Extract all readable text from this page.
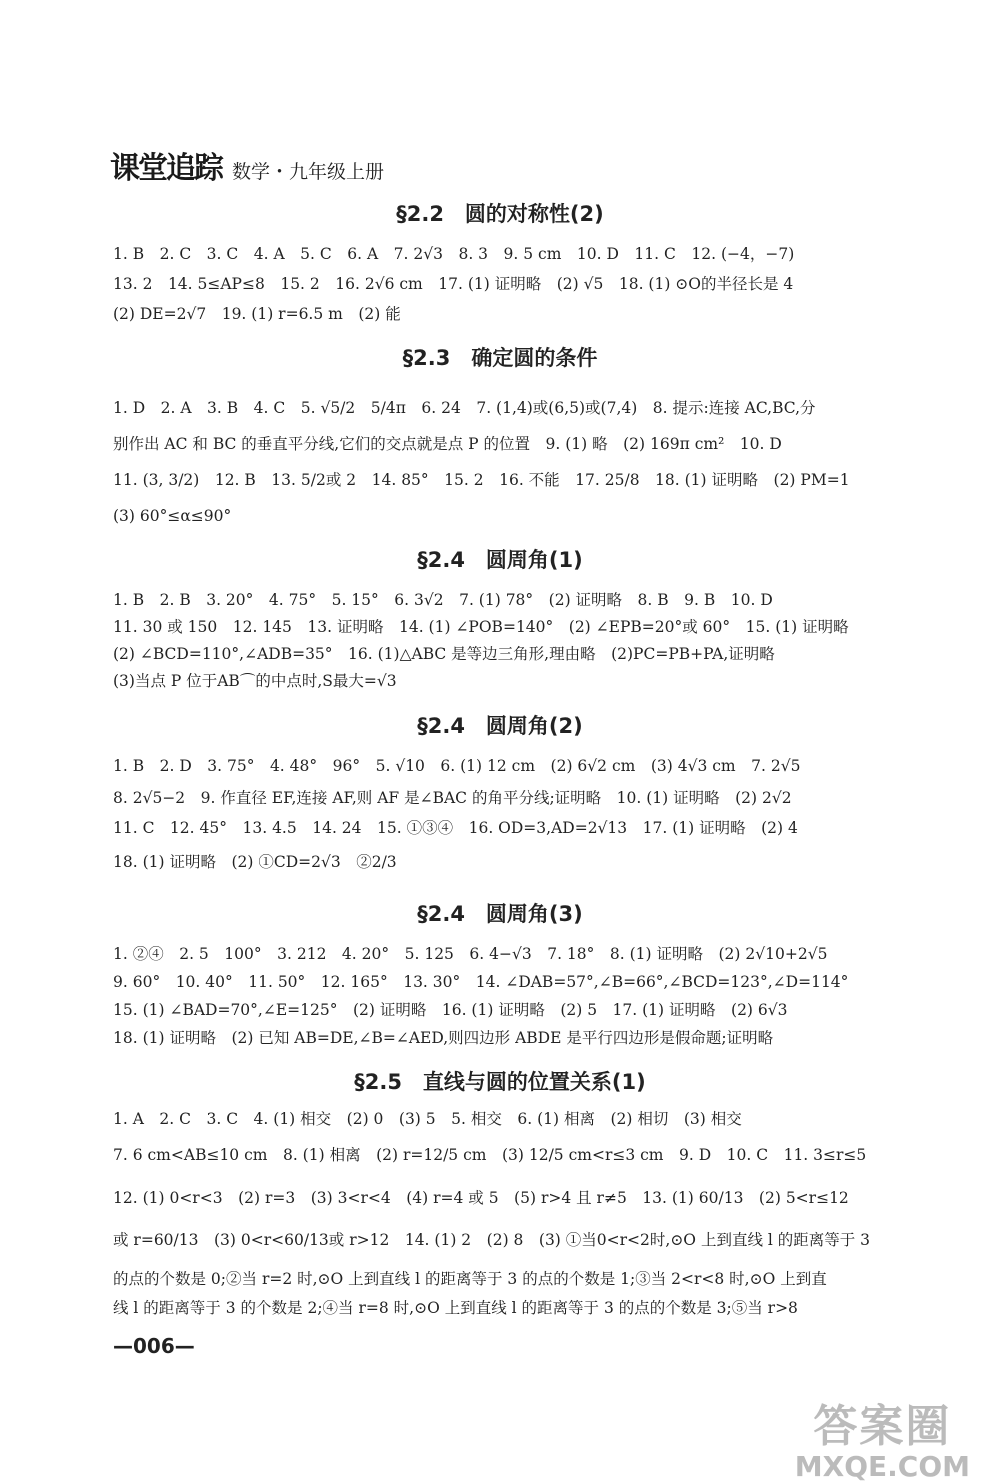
课堂追踪 数学・九年级上册
§2.2　圆的对称性(2)
1. B　2. C　3. C　4. A　5. C　6. A　7. 2√3　8. 3　9. 5 cm　10. D　11. C　12. (−4，−7)
13. 2　14. 5≤AP≤8　15. 2　16. 2√6 cm　17. (1) 证明略　(2) √5　18. (1) ⊙O的半径长是 4
(2) DE=2√7　19. (1) r=6.5 m　(2) 能
§2.3　确定圆的条件
1. D　2. A　3. B　4. C　5. √5/2　5/4π　6. 24　7. (1,4)或(6,5)或(7,4)　8. 提示:连接 AC,BC,分
别作出 AC 和 BC 的垂直平分线,它们的交点就是点 P 的位置　9. (1) 略　(2) 169π cm²　10. D
11. (3, 3/2)　12. B　13. 5/2或 2　14. 85°　15. 2　16. 不能　17. 25/8　18. (1) 证明略　(2) PM=1
(3) 60°≤α≤90°
§2.4　圆周角(1)
1. B　2. B　3. 20°　4. 75°　5. 15°　6. 3√2　7. (1) 78°　(2) 证明略　8. B　9. B　10. D
11. 30 或 150　12. 145　13. 证明略　14. (1) ∠POB=140°　(2) ∠EPB=20°或 60°　15. (1) 证明略
(2) ∠BCD=110°,∠ADB=35°　16. (1)△ABC 是等边三角形,理由略　(2)PC=PB+PA,证明略
(3)当点 P 位于AB⌒的中点时,S最大=√3
§2.4　圆周角(2)
1. B　2. D　3. 75°　4. 48°　96°　5. √10　6. (1) 12 cm　(2) 6√2 cm　(3) 4√3 cm　7. 2√5
8. 2√5−2　9. 作直径 EF,连接 AF,则 AF 是∠BAC 的角平分线;证明略　10. (1) 证明略　(2) 2√2
11. C　12. 45°　13. 4.5　14. 24　15. ①③④　16. OD=3,AD=2√13　17. (1) 证明略　(2) 4
18. (1) 证明略　(2) ①CD=2√3　②2/3
§2.4　圆周角(3)
1. ②④　2. 5　100°　3. 212　4. 20°　5. 125　6. 4−√3　7. 18°　8. (1) 证明略　(2) 2√10+2√5
9. 60°　10. 40°　11. 50°　12. 165°　13. 30°　14. ∠DAB=57°,∠B=66°,∠BCD=123°,∠D=114°
15. (1) ∠BAD=70°,∠E=125°　(2) 证明略　16. (1) 证明略　(2) 5　17. (1) 证明略　(2) 6√3
18. (1) 证明略　(2) 已知 AB=DE,∠B=∠AED,则四边形 ABDE 是平行四边形是假命题;证明略
§2.5　直线与圆的位置关系(1)
1. A　2. C　3. C　4. (1) 相交　(2) 0　(3) 5　5. 相交　6. (1) 相离　(2) 相切　(3) 相交
7. 6 cm<AB≤10 cm　8. (1) 相离　(2) r=12/5 cm　(3) 12/5 cm<r≤3 cm　9. D　10. C　11. 3≤r≤5
12. (1) 0<r<3　(2) r=3　(3) 3<r<4　(4) r=4 或 5　(5) r>4 且 r≠5　13. (1) 60/13　(2) 5<r≤12
或 r=60/13　(3) 0<r<60/13或 r>12　14. (1) 2　(2) 8　(3) ①当0<r<2时,⊙O 上到直线 l 的距离等于 3
的点的个数是 0;②当 r=2 时,⊙O 上到直线 l 的距离等于 3 的点的个数是 1;③当 2<r<8 时,⊙O 上到直
线 l 的距离等于 3 的个数是 2;④当 r=8 时,⊙O 上到直线 l 的距离等于 3 的点的个数是 3;⑤当 r>8
—006—
答案圈
MXQE.COM
